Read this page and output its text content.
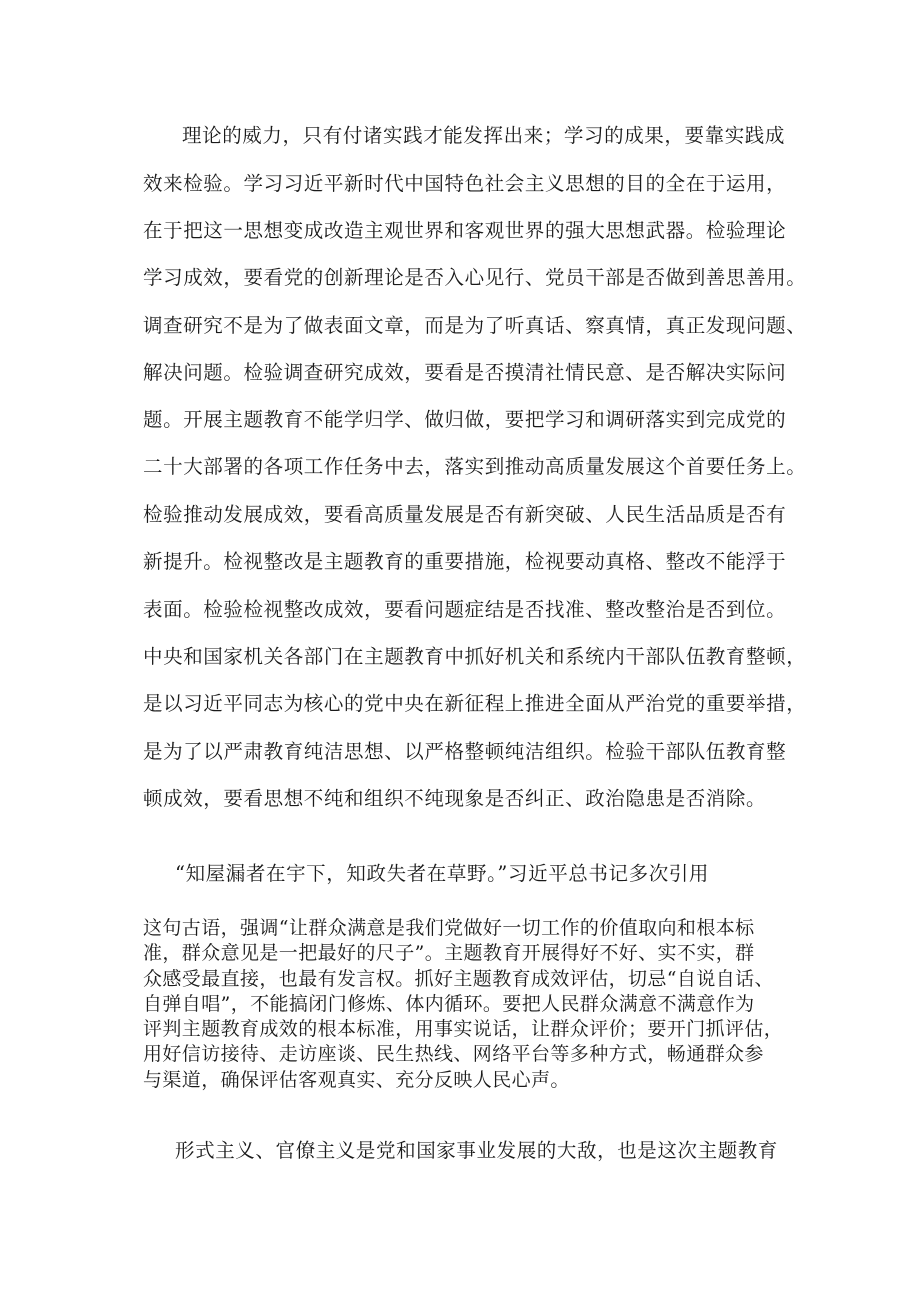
理论的威力，只有付诸实践才能发挥出来；学习的成果，要靠实践成
效来检验。学习习近平新时代中国特色社会主义思想的目的全在于运用，
在于把这一思想变成改造主观世界和客观世界的强大思想武器。检验理论
学习成效，要看党的创新理论是否入心见行、党员干部是否做到善思善用。
调查研究不是为了做表面文章，而是为了听真话、察真情，真正发现问题、
解决问题。检验调查研究成效，要看是否摸清社情民意、是否解决实际问
题。开展主题教育不能学归学、做归做，要把学习和调研落实到完成党的
二十大部署的各项工作任务中去，落实到推动高质量发展这个首要任务上。
检验推动发展成效，要看高质量发展是否有新突破、人民生活品质是否有
新提升。检视整改是主题教育的重要措施，检视要动真格、整改不能浮于
表面。检验检视整改成效，要看问题症结是否找准、整改整治是否到位。
中央和国家机关各部门在主题教育中抓好机关和系统内干部队伍教育整顿，
是以习近平同志为核心的党中央在新征程上推进全面从严治党的重要举措，
是为了以严肃教育纯洁思想、以严格整顿纯洁组织。检验干部队伍教育整
顿成效，要看思想不纯和组织不纯现象是否纠正、政治隐患是否消除。
“知屋漏者在宇下，知政失者在草野。”习近平总书记多次引用
这句古语，强调“让群众满意是我们党做好一切工作的价值取向和根本标
准，群众意见是一把最好的尺子”。主题教育开展得好不好、实不实，群
众感受最直接，也最有发言权。抓好主题教育成效评估，切忌“自说自话、
自弹自唱”，不能搞闭门修炼、体内循环。要把人民群众满意不满意作为
评判主题教育成效的根本标准，用事实说话，让群众评价；要开门抓评估，
用好信访接待、走访座谈、民生热线、网络平台等多种方式，畅通群众参
与渠道，确保评估客观真实、充分反映人民心声。
形式主义、官僚主义是党和国家事业发展的大敌，也是这次主题教育
